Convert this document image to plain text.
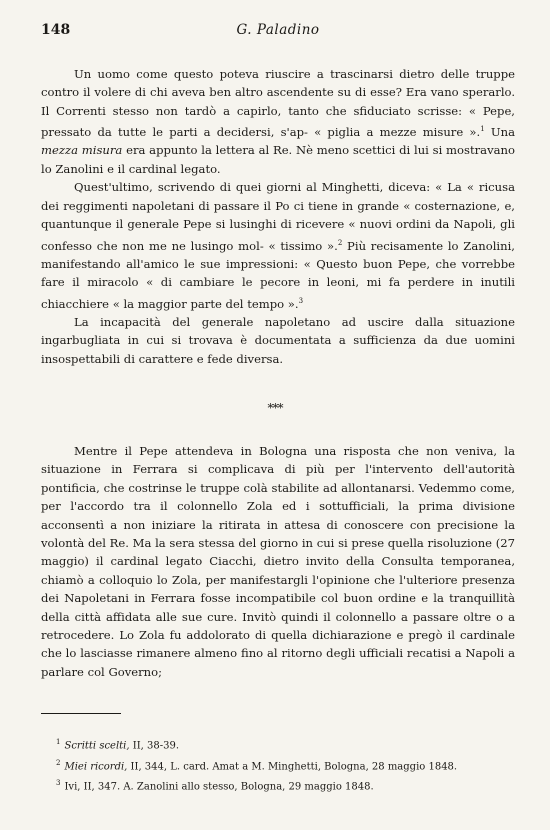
148	G. Paladino

Un uomo come questo poteva riuscire a trascinarsi dietro delle truppe contro il volere di chi aveva ben altro ascendente su di esse? Era vano sperarlo. Il Correnti stesso non tardò a capirlo, tanto che sfiduciato scrisse: « Pepe, pressato da tutte le parti a decidersi, s'ap- « piglia a mezze misure ».$^1$ Una mezza misura era appunto la lettera al Re. Nè meno scettici di lui si mostravano lo Zanolini e il cardinal legato.

Quest'ultimo, scrivendo di quei giorni al Minghetti, diceva: « La « ricusa dei reggimenti napoletani di passare il Po ci tiene in grande « costernazione, e, quantunque il generale Pepe si lusinghi di ricevere « nuovi ordini da Napoli, gli confesso che non me ne lusingo mol- « tissimo ».$^2$ Più recisamente lo Zanolini, manifestando all'amico le sue impressioni: « Questo buon Pepe, che vorrebbe fare il miracolo « di cambiare le pecore in leoni, mi fa perdere in inutili chiacchiere « la maggior parte del tempo ».$^3$

La incapacità del generale napoletano ad uscire dalla situazione ingarbugliata in cui si trovava è documentata a sufficienza da due uomini insospettabili di carattere e fede diversa.

***

Mentre il Pepe attendeva in Bologna una risposta che non veniva, la situazione in Ferrara si complicava di più per l'intervento dell'autorità pontificia, che costrinse le truppe colà stabilite ad allontanarsi. Vedemmo come, per l'accordo tra il colonnello Zola ed i sottufficiali, la prima divisione acconsentì a non iniziare la ritirata in attesa di conoscere con precisione la volontà del Re. Ma la sera stessa del giorno in cui si prese quella risoluzione (27 maggio) il cardinal legato Ciacchi, dietro invito della Consulta temporanea, chiamò a colloquio lo Zola, per manifestargli l'opinione che l'ulteriore presenza dei Napoletani in Ferrara fosse incompatibile col buon ordine e la tranquillità della città affidata alle sue cure. Invitò quindi il colonnello a passare oltre o a retrocedere. Lo Zola fu addolorato di quella dichiarazione e pregò il cardinale che lo lasciasse rimanere almeno fino al ritorno degli ufficiali recatisi a Napoli a parlare col Governo;

$^1$ Scritti scelti, II, 38-39.
$^2$ Miei ricordi, II, 344, L. card. Amat a M. Minghetti, Bologna, 28 maggio 1848.
$^3$ Ivi, II, 347. A. Zanolini allo stesso, Bologna, 29 maggio 1848.
